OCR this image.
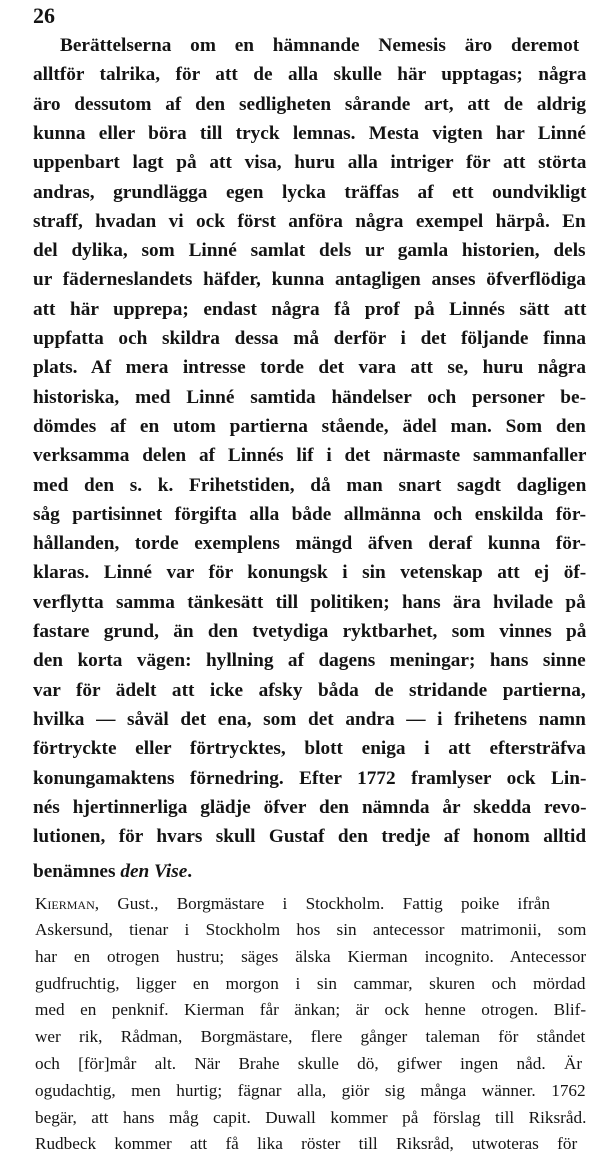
26

Berättelserna om en hämnande Nemesis äro deremot

alltför talrika, för att de alla skulle här upptagas; några

äro dessutom af den sedligheten sårande art, att de aldrig

kunna eller böra till tryck lemnas. Mesta vigten har Linné

uppenbart lagt på att visa, huru alla intriger för att störta

andras, grundlägga egen lycka träffas af ett oundvikligt

straff, hvadan vi ock först anföra några exempel härpå. En

del dylika, som Linné samlat dels ur gamla historien, dels

ur fäderneslandets häfder, kunna antagligen anses öfverflödiga

att här upprepa; endast några få prof på Linnés sätt att

uppfatta och skildra dessa må derför i det följande finna

plats. Af mera intresse torde det vara att se, huru några

historiska, med Linné samtida händelser och personer be-

dömdes af en utom partierna stående, ädel man. Som den

verksamma delen af Linnés lif i det närmaste sammanfaller

med den s. k. Frihetstiden, då man snart sagdt dagligen

såg partisinnet förgifta alla både allmänna och enskilda för-

hållanden, torde exemplens mängd äfven deraf kunna för-

klaras. Linné var för konungsk i sin vetenskap att ej öf-

verflytta samma tänkesätt till politiken; hans ära hvilade på

fastare grund, än den tvetydiga ryktbarhet, som vinnes på

den korta vägen: hyllning af dagens meningar; hans sinne

var för ädelt att icke afsky båda de stridande partierna,

hvilka — såväl det ena, som det andra — i frihetens namn

förtryckte eller förtrycktes, blott eniga i att eftersträfva

konungamaktens förnedring. Efter 1772 framlyser ock Lin-

nés hjertinnerliga glädje öfver den nämnda år skedda revo-

lutionen, för hvars skull Gustaf den tredje af honom alltid

benämnes den Vise.

Kierman, Gust., Borgmästare i Stockholm. Fattig poike ifrån

Askersund, tienar i Stockholm hos sin antecessor matrimonii, som

har en otrogen hustru; säges älska Kierman incognito. Antecessor

gudfruchtig, ligger en morgon i sin cammar, skuren och mördad

med en penknif. Kierman får änkan; är ock henne otrogen. Blif-

wer rik, Rådman, Borgmästare, flere gånger taleman för ståndet

och [för]mår alt. När Brahe skulle dö, gifwer ingen nåd. Är

ogudachtig, men hurtig; fägnar alla, giör sig många wänner. 1762

begär, att hans måg capit. Duwall kommer på förslag till Riksråd.

Rudbeck kommer att få lika röster till Riksråd, utwoteras för
